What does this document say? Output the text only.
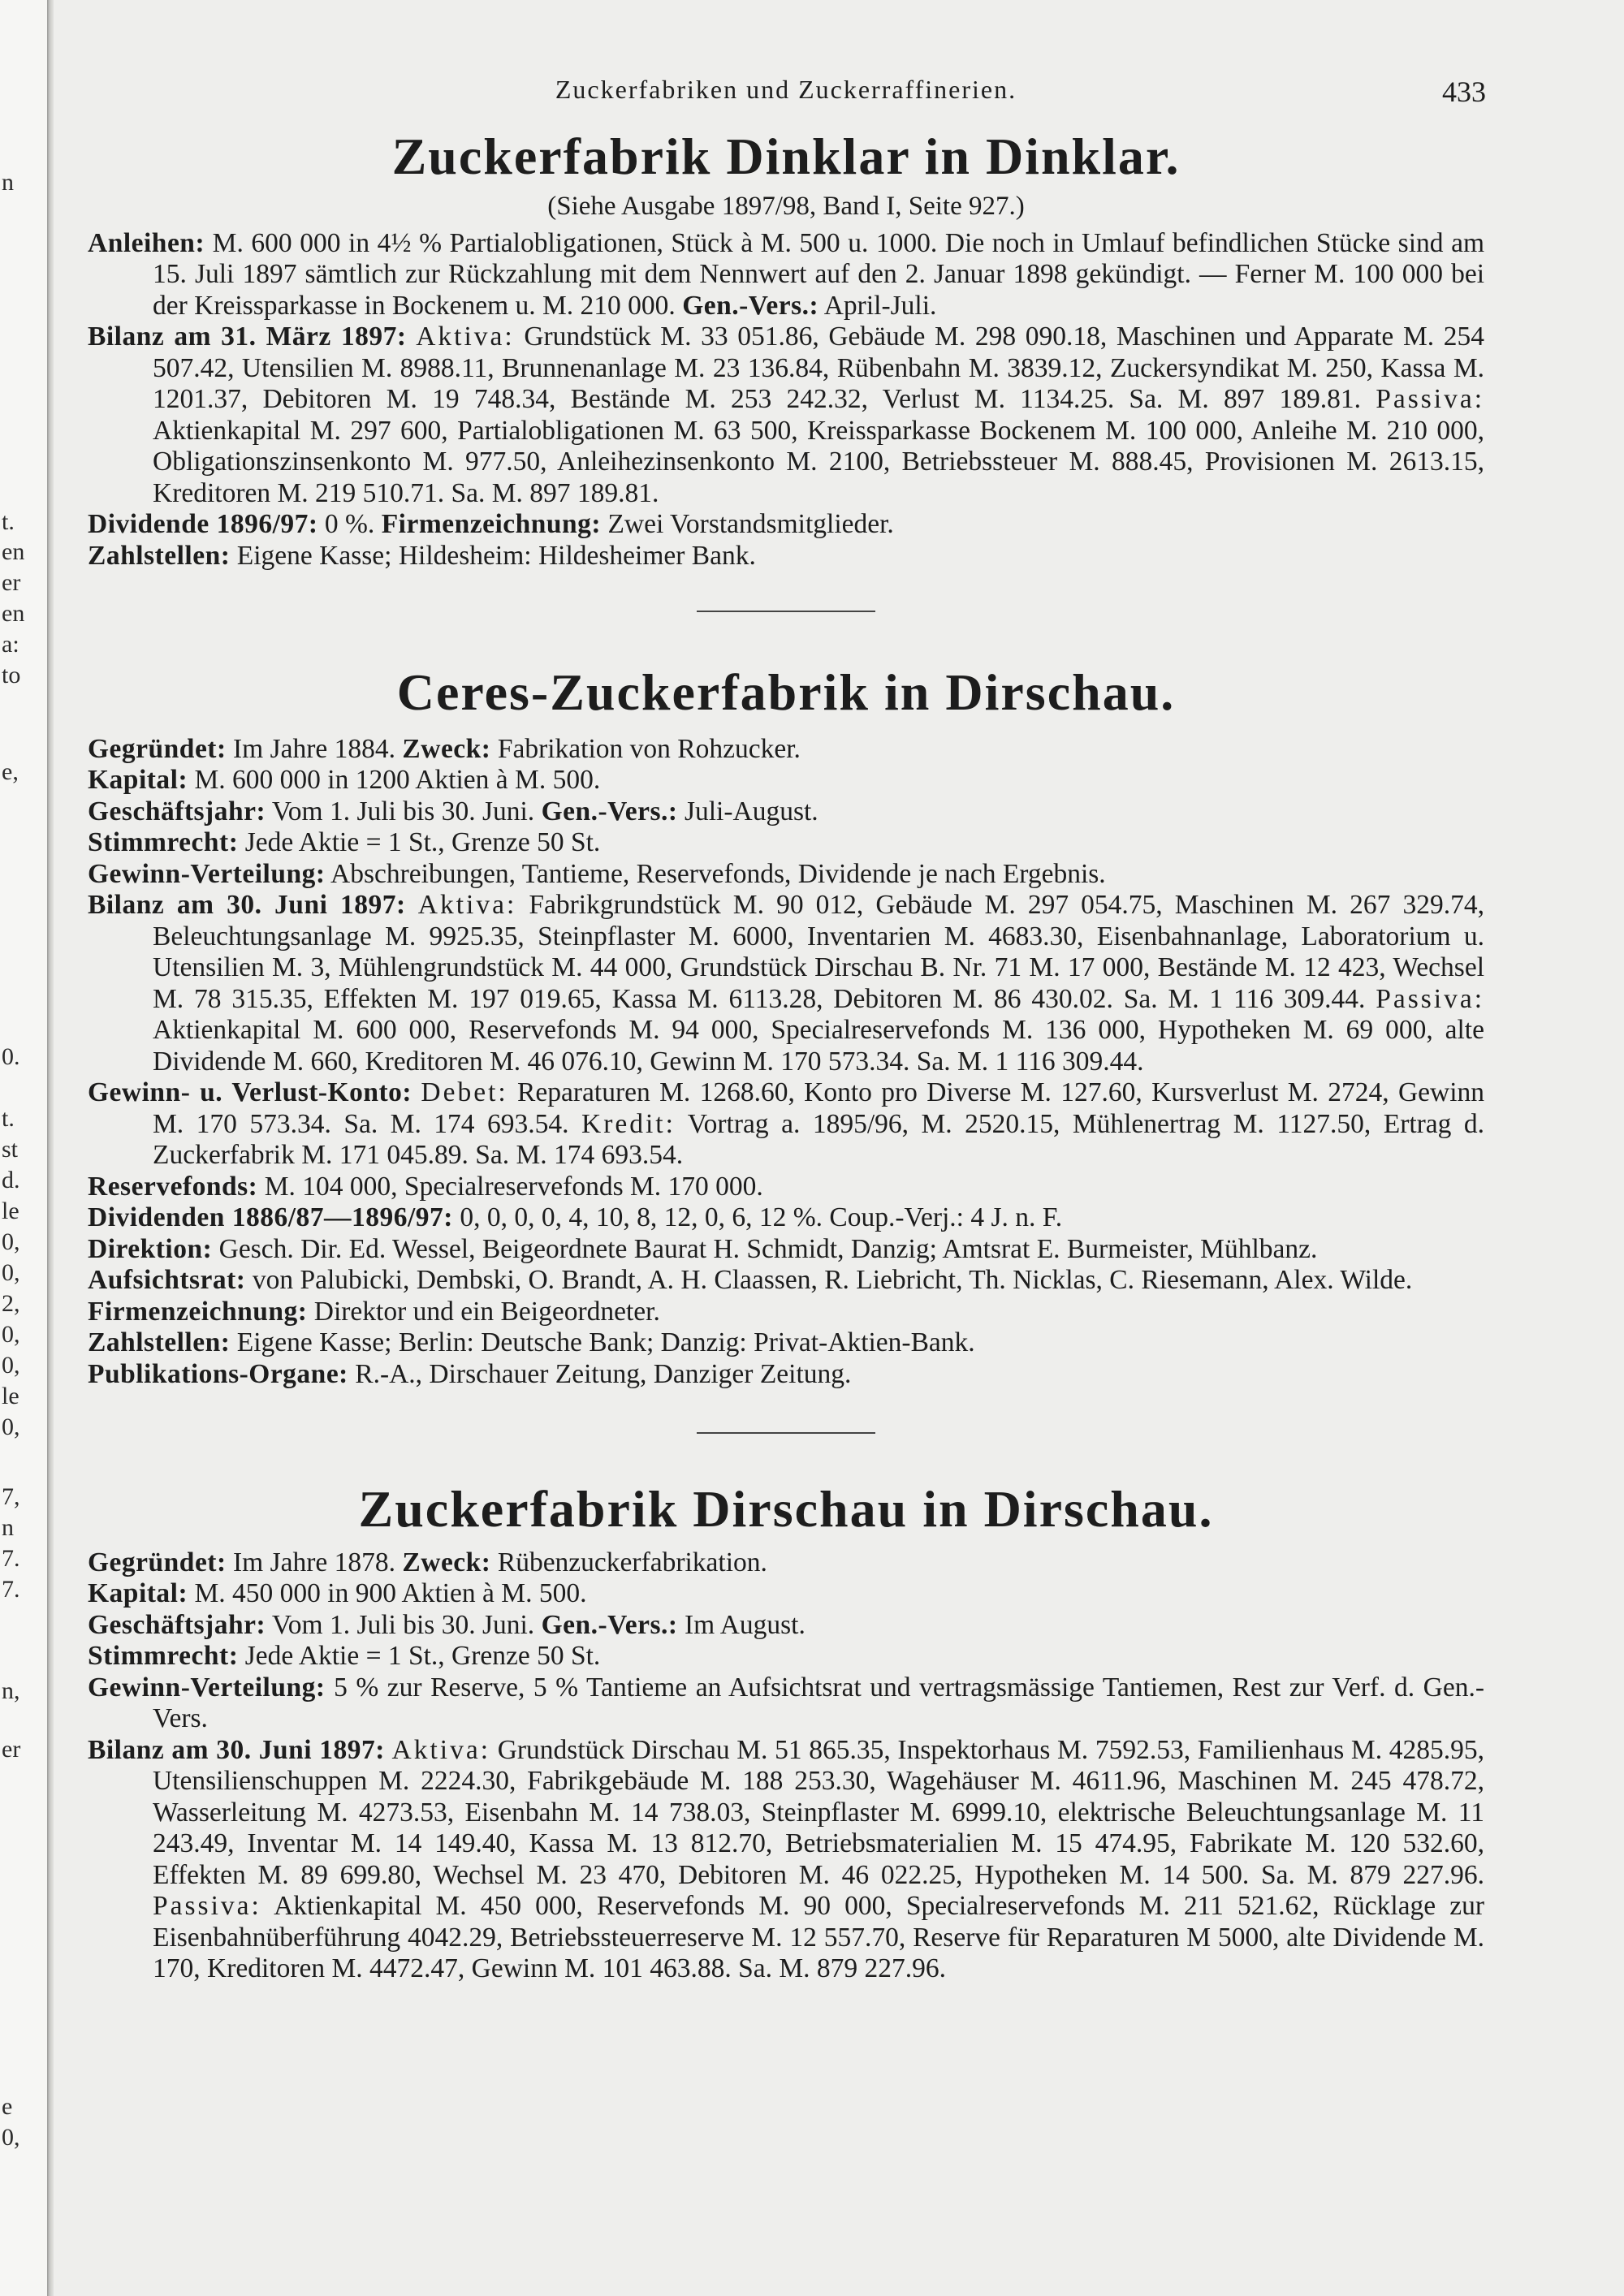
n
t.
en
er
en
a:
to
e,
0.
t.
st
d.
le
0,
0,
2,
0,
0,
le
0,
7,
n
7.
7.
n,
er
e
0,
Zuckerfabriken und Zuckerraffinerien.	433
Zuckerfabrik Dinklar in Dinklar.
(Siehe Ausgabe 1897/98, Band I, Seite 927.)

Anleihen: M. 600 000 in 4½ % Partialobligationen, Stück à M. 500 u. 1000. Die noch in Umlauf befindlichen Stücke sind am 15. Juli 1897 sämtlich zur Rückzahlung mit dem Nennwert auf den 2. Januar 1898 gekündigt. — Ferner M. 100 000 bei der Kreissparkasse in Bockenem u. M. 210 000. Gen.-Vers.: April-Juli.

Bilanz am 31. März 1897: Aktiva: Grundstück M. 33 051.86, Gebäude M. 298 090.18, Maschinen und Apparate M. 254 507.42, Utensilien M. 8988.11, Brunnenanlage M. 23 136.84, Rübenbahn M. 3839.12, Zuckersyndikat M. 250, Kassa M. 1201.37, Debitoren M. 19 748.34, Bestände M. 253 242.32, Verlust M. 1134.25. Sa. M. 897 189.81. Passiva: Aktienkapital M. 297 600, Partialobligationen M. 63 500, Kreissparkasse Bockenem M. 100 000, Anleihe M. 210 000, Obligationszinsenkonto M. 977.50, Anleihezinsenkonto M. 2100, Betriebssteuer M. 888.45, Provisionen M. 2613.15, Kreditoren M. 219 510.71. Sa. M. 897 189.81.

Dividende 1896/97: 0 %. Firmenzeichnung: Zwei Vorstandsmitglieder.

Zahlstellen: Eigene Kasse; Hildesheim: Hildesheimer Bank.

Ceres-Zuckerfabrik in Dirschau.

Gegründet: Im Jahre 1884. Zweck: Fabrikation von Rohzucker.

Kapital: M. 600 000 in 1200 Aktien à M. 500.

Geschäftsjahr: Vom 1. Juli bis 30. Juni. Gen.-Vers.: Juli-August.

Stimmrecht: Jede Aktie = 1 St., Grenze 50 St.

Gewinn-Verteilung: Abschreibungen, Tantieme, Reservefonds, Dividende je nach Ergebnis.

Bilanz am 30. Juni 1897: Aktiva: Fabrikgrundstück M. 90 012, Gebäude M. 297 054.75, Maschinen M. 267 329.74, Beleuchtungsanlage M. 9925.35, Steinpflaster M. 6000, Inventarien M. 4683.30, Eisenbahnanlage, Laboratorium u. Utensilien M. 3, Mühlengrundstück M. 44 000, Grundstück Dirschau B. Nr. 71 M. 17 000, Bestände M. 12 423, Wechsel M. 78 315.35, Effekten M. 197 019.65, Kassa M. 6113.28, Debitoren M. 86 430.02. Sa. M. 1 116 309.44. Passiva: Aktienkapital M. 600 000, Reservefonds M. 94 000, Specialreservefonds M. 136 000, Hypotheken M. 69 000, alte Dividende M. 660, Kreditoren M. 46 076.10, Gewinn M. 170 573.34. Sa. M. 1 116 309.44.

Gewinn- u. Verlust-Konto: Debet: Reparaturen M. 1268.60, Konto pro Diverse M. 127.60, Kursverlust M. 2724, Gewinn M. 170 573.34. Sa. M. 174 693.54. Kredit: Vortrag a. 1895/96, M. 2520.15, Mühlenertrag M. 1127.50, Ertrag d. Zuckerfabrik M. 171 045.89. Sa. M. 174 693.54.

Reservefonds: M. 104 000, Specialreservefonds M. 170 000.

Dividenden 1886/87—1896/97: 0, 0, 0, 0, 4, 10, 8, 12, 0, 6, 12 %. Coup.-Verj.: 4 J. n. F.

Direktion: Gesch. Dir. Ed. Wessel, Beigeordnete Baurat H. Schmidt, Danzig; Amtsrat E. Burmeister, Mühlbanz.

Aufsichtsrat: von Palubicki, Dembski, O. Brandt, A. H. Claassen, R. Liebricht, Th. Nicklas, C. Riesemann, Alex. Wilde.

Firmenzeichnung: Direktor und ein Beigeordneter.

Zahlstellen: Eigene Kasse; Berlin: Deutsche Bank; Danzig: Privat-Aktien-Bank.

Publikations-Organe: R.-A., Dirschauer Zeitung, Danziger Zeitung.

Zuckerfabrik Dirschau in Dirschau.

Gegründet: Im Jahre 1878. Zweck: Rübenzuckerfabrikation.

Kapital: M. 450 000 in 900 Aktien à M. 500.

Geschäftsjahr: Vom 1. Juli bis 30. Juni. Gen.-Vers.: Im August.

Stimmrecht: Jede Aktie = 1 St., Grenze 50 St.

Gewinn-Verteilung: 5 % zur Reserve, 5 % Tantieme an Aufsichtsrat und vertragsmässige Tantiemen, Rest zur Verf. d. Gen.-Vers.

Bilanz am 30. Juni 1897: Aktiva: Grundstück Dirschau M. 51 865.35, Inspektorhaus M. 7592.53, Familienhaus M. 4285.95, Utensilienschuppen M. 2224.30, Fabrikgebäude M. 188 253.30, Wagehäuser M. 4611.96, Maschinen M. 245 478.72, Wasserleitung M. 4273.53, Eisenbahn M. 14 738.03, Steinpflaster M. 6999.10, elektrische Beleuchtungsanlage M. 11 243.49, Inventar M. 14 149.40, Kassa M. 13 812.70, Betriebsmaterialien M. 15 474.95, Fabrikate M. 120 532.60, Effekten M. 89 699.80, Wechsel M. 23 470, Debitoren M. 46 022.25, Hypotheken M. 14 500. Sa. M. 879 227.96. Passiva: Aktienkapital M. 450 000, Reservefonds M. 90 000, Specialreservefonds M. 211 521.62, Rücklage zur Eisenbahnüberführung 4042.29, Betriebssteuerreserve M. 12 557.70, Reserve für Reparaturen M 5000, alte Dividende M. 170, Kreditoren M. 4472.47, Gewinn M. 101 463.88. Sa. M. 879 227.96.
